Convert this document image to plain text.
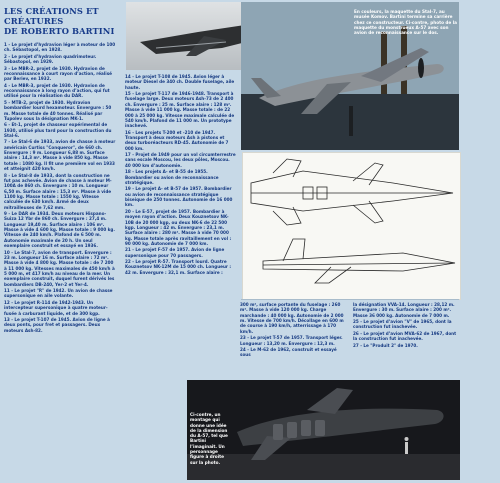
LES CRÉATIONS ET CRÉATURES
DE ROBERTO BARTINI

1 - Le projet d’hydravion léger à moteur de 100 ch. Sébastopol, en 1928.

2 - Le projet d’hydravion quadrimoteur. Sébastopol, en 1929.

3 - Le MBR-2, projet de 1930. Hydravion de reconnaissance à court rayon d’action, réalisé par Beriev, en 1932.

4 - Le MBR-3, projet de 1930. Hydravion de reconnaissance à long rayon d’action, qui fut utilisé pour la réalisation du DAR.

5 - MTB-2, projet de 1930. Hydravion bombardier lourd hexamoteur. Envergure : 50 m. Masse totale de 40 tonnes. Réalisé par Tupolev sous la désignation MK-1.

6 - Et-1, projet de chasseur expérimental de 1930, utilisé plus tard pour la construction du Stal-6.

7 - Le Stal-6 de 1933, avion de chasse à moteur américain Curtiss "Conqueror", de 660 ch. Envergure : 9 m. Longueur 6,88 m. Surface alaire : 14,3 m². Masse à vide 850 kg. Masse totale : 1080 kg. Il fit une première vol en 1933 et atteignit 420 km/h.

8 - Le Stal-8 de 1933, dont la construction ne fut pas achevée. Avion de chasse à moteur M-100A de 860 ch. Envergure : 10 m. Longueur 6,50 m. Surface alaire : 15,3 m². Masse à vide 1100 kg. Masse totale : 1550 kg. Vitesse calculée de 630 km/h. Armé de deux mitrailleuses de 7,62 mm.

9 - Le DAR de 1934. Deux moteurs Hispano-Suiza 12 Ybr de 860 ch. Envergure : 27,4 m. Longueur 19,40 m. Surface alaire : 106 m². Masse à vide 4 600 kg. Masse totale : 9 000 kg. Vitesse de 240 km/h. Plafond de 6 500 m. Autonomie maximale de 20 h. Un seul exemplaire construit et essayé en 1936.

10 - Le Stal-7, avion de transport. Envergure : 23 m. Longueur 16 m. Surface alaire : 72 m². Masse à vide 4 800 kg. Masse totale : de 7 200 à 11 000 kg. Vitesses maximales de 450 km/h à 5 000 m, et 417 km/h au niveau de la mer. Un exemplaire construit, duquel furent dérivés les bombardiers DB-240, Yer-2 et Yer-4.

11 - Le projet "R" de 1942. Un avion de chasse supersonique en aile volante.

12 - Le projet R-114 de 1942-1943. Un intercepteur supersonique à quatre moteur-fusée à carburant liquide, et de 300 kgp.

13 - Le projet T-107 de 1945. Avion de ligne à deux ponts, pour fret et passagers. Deux moteurs Ash-82.

En couleurs, la maquette du Stal-7, au musée Komov. Bartini termine sa carrière chez ce constructeur. Ci-contre, photo de la maquette du monstrueux A-57 avec son avion de reconnaissance sur le dos.

14 - Le projet T-108 de 1945. Avion léger à moteur Diesel de 340 ch. Double fuselage, aile haute.

15 - Le projet T-117 de 1946-1948. Transport à fuselage large. Deux moteurs Ash-73 de 2 400 ch. Envergure : 25 m. Surface alaire : 128 m². Masse à vide 11 000 kg. Masse totale : de 22 000 à 25 000 kg. Vitesse maximale calculée de 540 km/h. Plafond de 11 000 m. Un prototype inachevé.

16 - Les projets T-200 et -210 de 1947. Transport à deux moteurs Ash à pistons et deux turboréacteurs RD-45. Autonomie de 7 000 km.

17 - Projet de 1949 pour un vol circumterrestre sans escale Moscou, les deux pôles, Moscou. 40 000 km d’autonomie.

18 - Les projets A- et B-55 de 1955. Bombardier ou avion de reconnaissance stratégique.

19 - Le projet A- et B-57 de 1957. Bombardier ou avion de reconnaissance stratégique biseique de 250 tonnes. Autonomie de 16 000 km.

20 - Le E-57, projet de 1957. Bombardier à moyen rayon d’action. Deux Kouznetsov NK-10B de 20 000 kgp, ou deux NK-6 de 22 500 kgp. Longueur : 42 m. Envergure : 23,1 m. Surface alaire : 280 m². Masse à vide 70 000 kg. Masse totale après ravitaillement en vol : 90 000 kg. Autonomie de 7 000 km.

21 - Le projet F-57 de 1957. Avion de ligne supersonique pour 70 passagers.

22 - Le projet R-57. Transport lourd. Quatre Kouznetsov NK-12M de 15 000 ch. Longueur : 42 m. Envergure : 32,1 m. Surface alaire :

300 m², surface portante du fuselage : 260 m². Masse à vide 120 000 kg. Charge marchande : 40 000 kg. Autonomie de 2 000 m. Vitesse de 700 km/h. Décollage en 600 m de course à 190 km/h, atterrissage à 170 km/h.

23 - Le projet T-57 de 1957. Transport léger. Longueur : 13,20 m. Envergure : 12,3 m.

24 - Le M-62 de 1962, construit et essayé sous

la désignation VVA-14. Longueur : 28,12 m. Envergure : 30 m. Surface alaire : 200 m². Masse 36 000 kg. Autonomie de 7 000 m.

25 - Le projet d’avion "V" de 1965, dont la construction fut inachevée.

26 - Le projet d’avion MVA-62 de 1967, dont la construction fut inachevée.

27 - Le "Produit 2" de 1970.

Ci-contre, un montage qui donne une idée de la dimension du A-57, tel que Bartini l’imaginait. Un personnage figure à droite sur la photo.
